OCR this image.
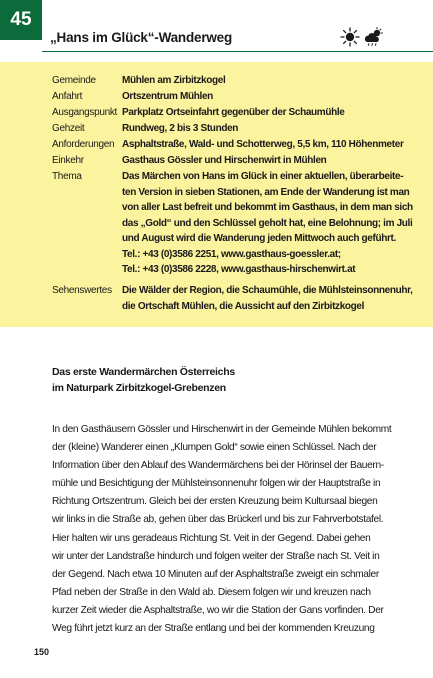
45
„Hans im Glück“-Wanderweg
Gemeinde	Mühlen am Zirbitzkogel
Anfahrt	Ortszentrum Mühlen
Ausgangspunkt Parkplatz Ortseinfahrt gegenüber der Schaumühle
Gehzeit	Rundweg, 2 bis 3 Stunden
Anforderungen Asphaltstraße, Wald- und Schotterweg, 5,5 km, 110 Höhenmeter
Einkehr	Gasthaus Gössler und Hirschenwirt in Mühlen
Thema	Das Märchen von Hans im Glück in einer aktuellen, überarbeite-
ten Version in sieben Stationen, am Ende der Wanderung ist man
von aller Last befreit und bekommt im Gasthaus, in dem man sich
das „Gold“ und den Schlüssel geholt hat, eine Belohnung; im Juli
und August wird die Wanderung jeden Mittwoch auch geführt.
Tel.: +43 (0)3586 2251, www.gasthaus-goessler.at;
Tel.: +43 (0)3586 2228, www.gasthaus-hirschenwirt.at
Sehenswertes	Die Wälder der Region, die Schaumühle, die Mühlsteinsonnenuhr,
die Ortschaft Mühlen, die Aussicht auf den Zirbitzkogel
Das erste Wandermärchen Österreichs
im Naturpark Zirbitzkogel-Grebenzen
In den Gasthäusern Gössler und Hirschenwirt in der Gemeinde Mühlen bekommt
der (kleine) Wanderer einen „Klumpen Gold“ sowie einen Schlüssel. Nach der
Information über den Ablauf des Wandermärchens bei der Hörinsel der Bauern-
mühle und Besichtigung der Mühlsteinsonnenuhr folgen wir der Hauptstraße in
Richtung Ortszentrum. Gleich bei der ersten Kreuzung beim Kultursaal biegen
wir links in die Straße ab, gehen über das Brückerl und bis zur Fahrverbotstafel.
Hier halten wir uns geradeaus Richtung St. Veit in der Gegend. Dabei gehen
wir unter der Landstraße hindurch und folgen weiter der Straße nach St. Veit in
der Gegend. Nach etwa 10 Minuten auf der Asphaltstraße zweigt ein schmaler
Pfad neben der Straße in den Wald ab. Diesem folgen wir und kreuzen nach
kurzer Zeit wieder die Asphaltstraße, wo wir die Station der Gans vorfinden. Der
Weg führt jetzt kurz an der Straße entlang und bei der kommenden Kreuzung
150
